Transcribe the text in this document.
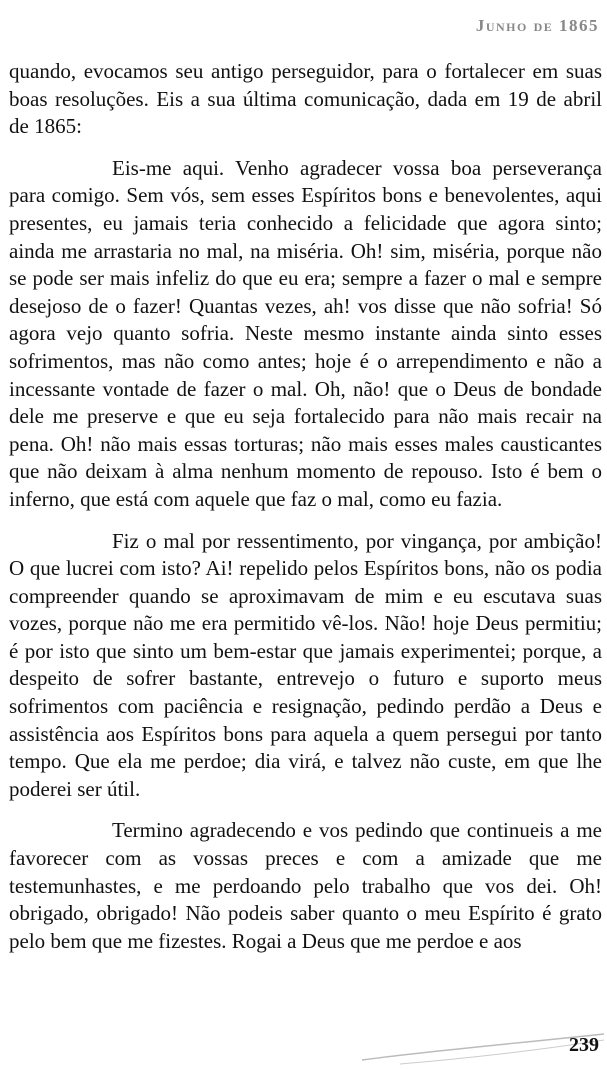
Junho de 1865

quando, evocamos seu antigo perseguidor, para o fortalecer em suas boas resoluções. Eis a sua última comunicação, dada em 19 de abril de 1865:

Eis-me aqui. Venho agradecer vossa boa perseverança para comigo. Sem vós, sem esses Espíritos bons e benevolentes, aqui presentes, eu jamais teria conhecido a felicidade que agora sinto; ainda me arrastaria no mal, na miséria. Oh! sim, miséria, porque não se pode ser mais infeliz do que eu era; sempre a fazer o mal e sempre desejoso de o fazer! Quantas vezes, ah! vos disse que não sofria! Só agora vejo quanto sofria. Neste mesmo instante ainda sinto esses sofrimentos, mas não como antes; hoje é o arrependimento e não a incessante vontade de fazer o mal. Oh, não! que o Deus de bondade dele me preserve e que eu seja fortalecido para não mais recair na pena. Oh! não mais essas torturas; não mais esses males causticantes que não deixam à alma nenhum momento de repouso. Isto é bem o inferno, que está com aquele que faz o mal, como eu fazia.

Fiz o mal por ressentimento, por vingança, por ambição! O que lucrei com isto? Ai! repelido pelos Espíritos bons, não os podia compreender quando se aproximavam de mim e eu escutava suas vozes, porque não me era permitido vê-los. Não! hoje Deus permitiu; é por isto que sinto um bem-estar que jamais experimentei; porque, a despeito de sofrer bastante, entrevejo o futuro e suporto meus sofrimentos com paciência e resignação, pedindo perdão a Deus e assistência aos Espíritos bons para aquela a quem persegui por tanto tempo. Que ela me perdoe; dia virá, e talvez não custe, em que lhe poderei ser útil.

Termino agradecendo e vos pedindo que continueis a me favorecer com as vossas preces e com a amizade que me testemunhastes, e me perdoando pelo trabalho que vos dei. Oh! obrigado, obrigado! Não podeis saber quanto o meu Espírito é grato pelo bem que me fizestes. Rogai a Deus que me perdoe e aos

239
